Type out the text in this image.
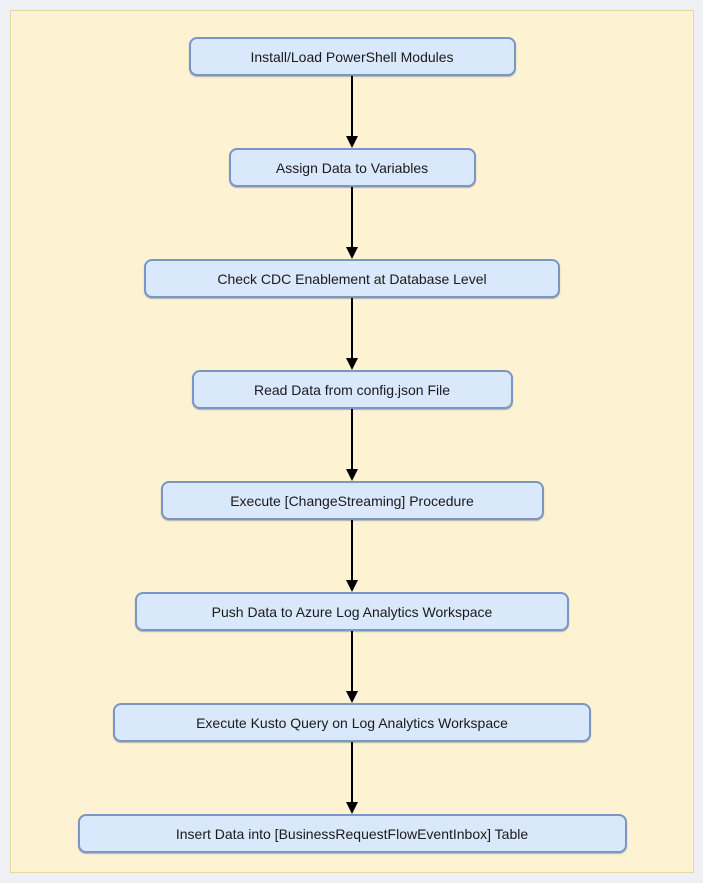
Install/Load PowerShell Modules
Assign Data to Variables
Check CDC Enablement at Database Level
Read Data from config.json File
Execute [ChangeStreaming] Procedure
Push Data to Azure Log Analytics Workspace
Execute Kusto Query on Log Analytics Workspace
Insert Data into [BusinessRequestFlowEventInbox] Table
